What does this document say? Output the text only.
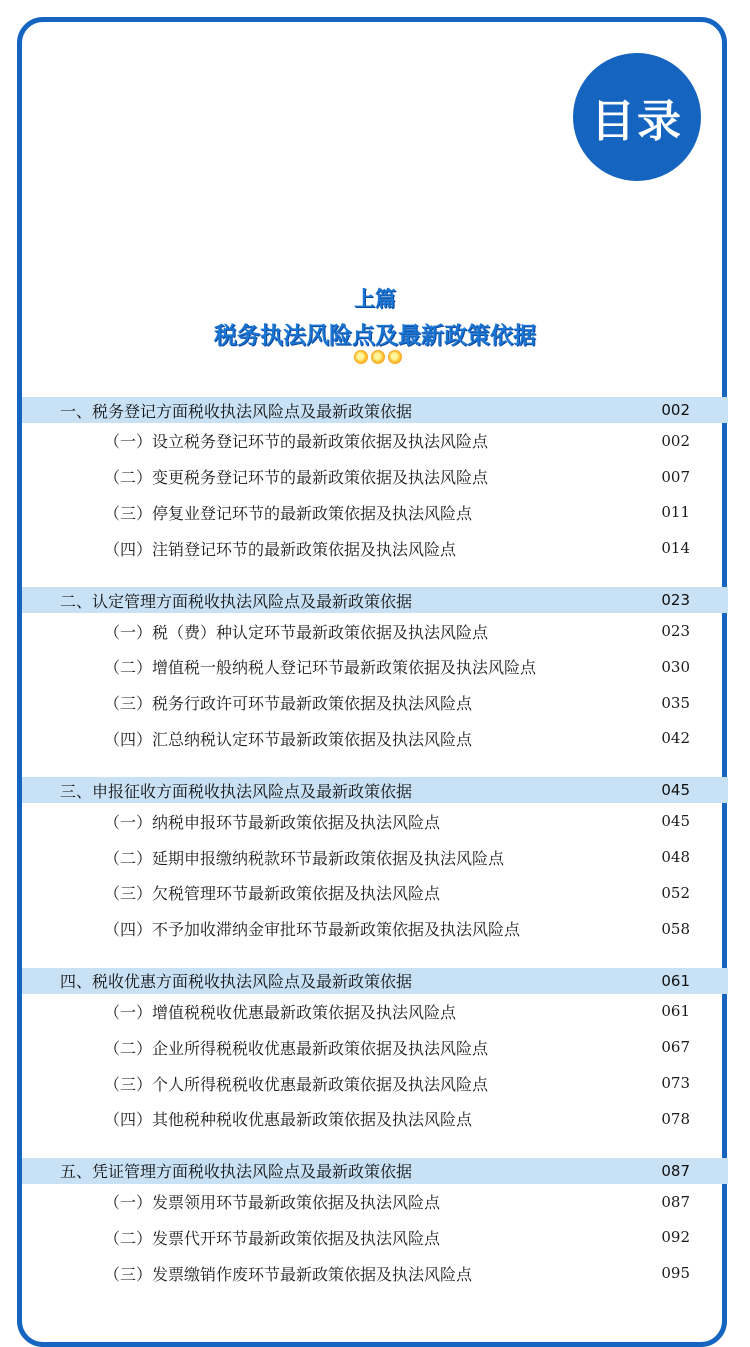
目录
上篇
税务执法风险点及最新政策依据
一、税务登记方面税收执法风险点及最新政策依据	002
（一）设立税务登记环节的最新政策依据及执法风险点	002
（二）变更税务登记环节的最新政策依据及执法风险点	007
（三）停复业登记环节的最新政策依据及执法风险点	011
（四）注销登记环节的最新政策依据及执法风险点	014
二、认定管理方面税收执法风险点及最新政策依据	023
（一）税（费）种认定环节最新政策依据及执法风险点	023
（二）增值税一般纳税人登记环节最新政策依据及执法风险点	030
（三）税务行政许可环节最新政策依据及执法风险点	035
（四）汇总纳税认定环节最新政策依据及执法风险点	042
三、申报征收方面税收执法风险点及最新政策依据	045
（一）纳税申报环节最新政策依据及执法风险点	045
（二）延期申报缴纳税款环节最新政策依据及执法风险点	048
（三）欠税管理环节最新政策依据及执法风险点	052
（四）不予加收滞纳金审批环节最新政策依据及执法风险点	058
四、税收优惠方面税收执法风险点及最新政策依据	061
（一）增值税税收优惠最新政策依据及执法风险点	061
（二）企业所得税税收优惠最新政策依据及执法风险点	067
（三）个人所得税税收优惠最新政策依据及执法风险点	073
（四）其他税种税收优惠最新政策依据及执法风险点	078
五、凭证管理方面税收执法风险点及最新政策依据	087
（一）发票领用环节最新政策依据及执法风险点	087
（二）发票代开环节最新政策依据及执法风险点	092
（三）发票缴销作废环节最新政策依据及执法风险点	095
